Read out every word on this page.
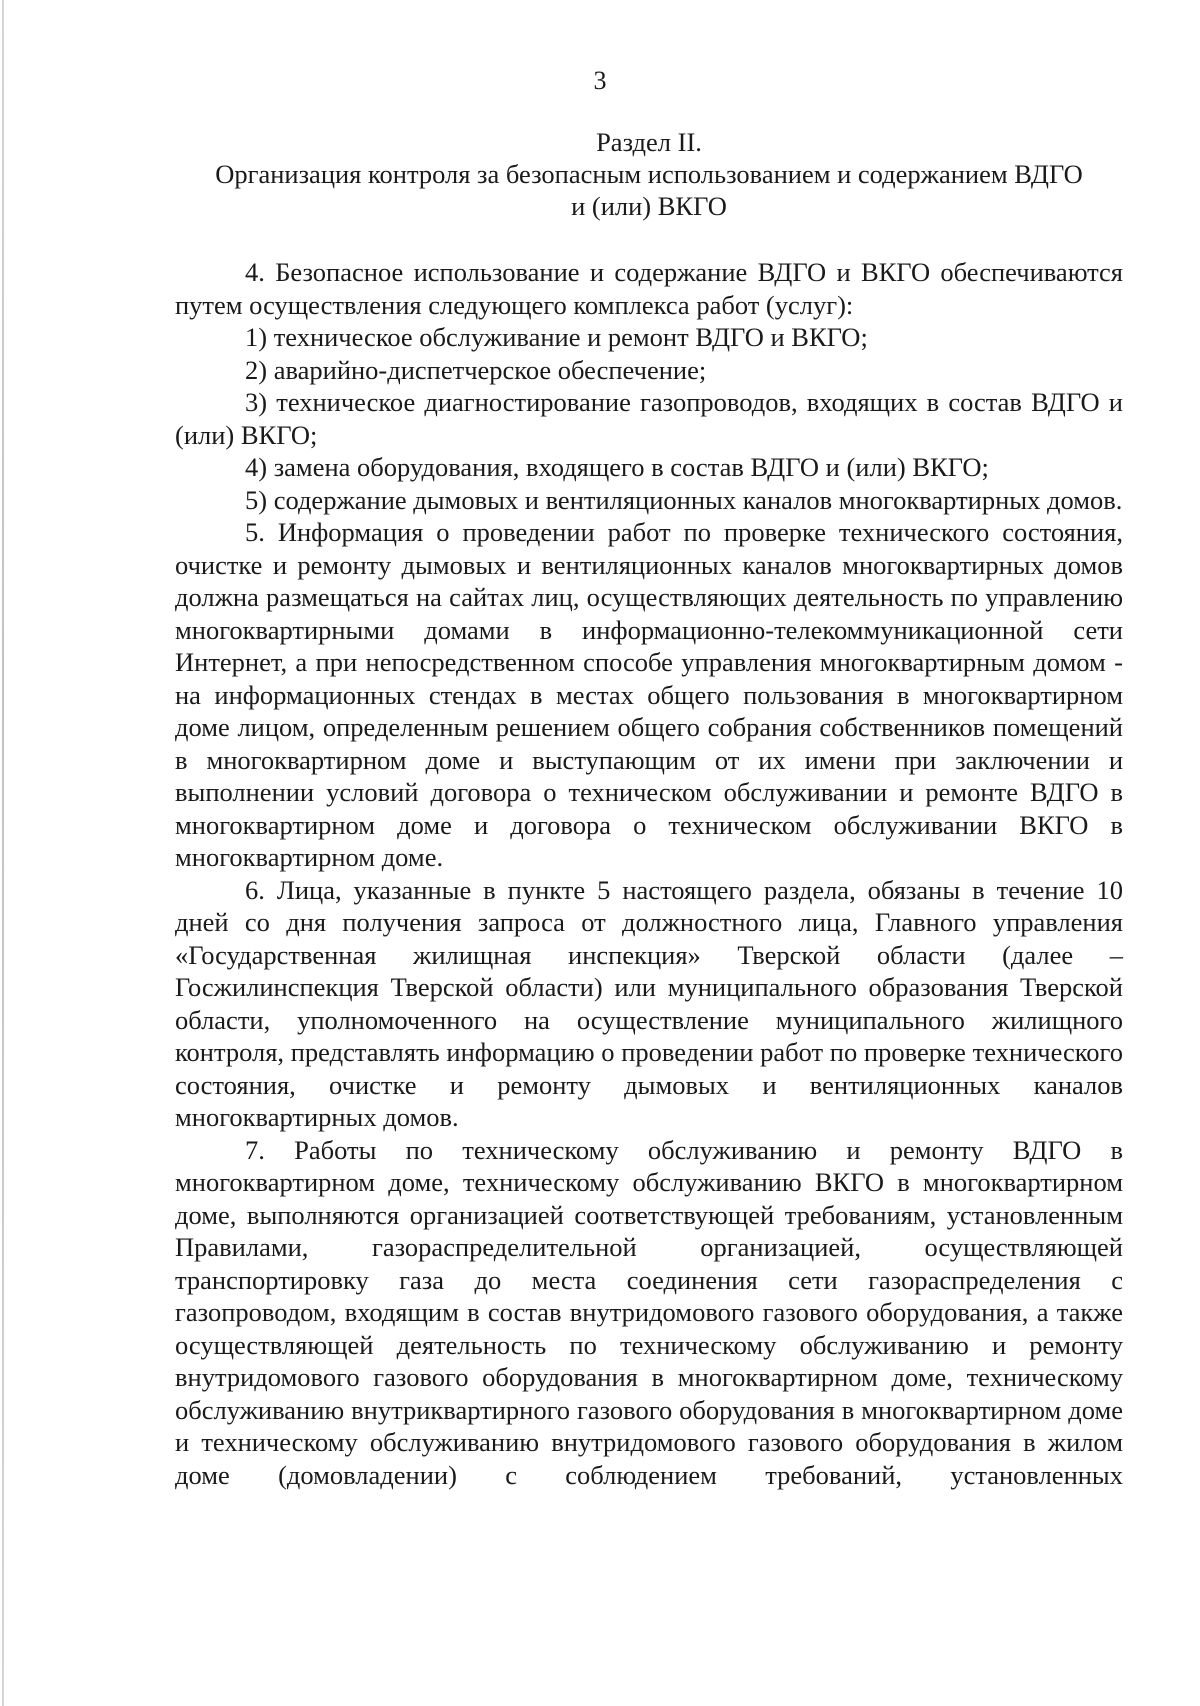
3
Раздел II.
Организация контроля за безопасным использованием и содержанием ВДГО
и (или) ВКГО

4. Безопасное использование и содержание ВДГО и ВКГО обеспечиваются путем осуществления следующего комплекса работ (услуг):

1) техническое обслуживание и ремонт ВДГО и ВКГО;

2) аварийно-диспетчерское обеспечение;

3) техническое диагностирование газопроводов, входящих в состав ВДГО и (или) ВКГО;

4) замена оборудования, входящего в состав ВДГО и (или) ВКГО;

5) содержание дымовых и вентиляционных каналов многоквартирных домов.

5. Информация о проведении работ по проверке технического состояния, очистке и ремонту дымовых и вентиляционных каналов многоквартирных домов должна размещаться на сайтах лиц, осуществляющих деятельность по управлению многоквартирными домами в информационно-телекоммуникационной сети Интернет, а при непосредственном способе управления многоквартирным домом - на информационных стендах в местах общего пользования в многоквартирном доме лицом, определенным решением общего собрания собственников помещений в многоквартирном доме и выступающим от их имени при заключении и выполнении условий договора о техническом обслуживании и ремонте ВДГО в многоквартирном доме и договора о техническом обслуживании ВКГО в многоквартирном доме.

6. Лица, указанные в пункте 5 настоящего раздела, обязаны в течение 10 дней со дня получения запроса от должностного лица, Главного управления «Государственная жилищная инспекция» Тверской области (далее – Госжилинспекция Тверской области) или муниципального образования Тверской области, уполномоченного на осуществление муниципального жилищного контроля, представлять информацию о проведении работ по проверке технического состояния, очистке и ремонту дымовых и вентиляционных каналов многоквартирных домов.

7. Работы по техническому обслуживанию и ремонту ВДГО в многоквартирном доме, техническому обслуживанию ВКГО в многоквартирном доме, выполняются организацией соответствующей требованиям, установленным Правилами, газораспределительной организацией, осуществляющей транспортировку газа до места соединения сети газораспределения с газопроводом, входящим в состав внутридомового газового оборудования, а также осуществляющей деятельность по техническому обслуживанию и ремонту внутридомового газового оборудования в многоквартирном доме, техническому обслуживанию внутриквартирного газового оборудования в многоквартирном доме и техническому обслуживанию внутридомового газового оборудования в жилом доме (домовладении) с соблюдением требований, установленных
